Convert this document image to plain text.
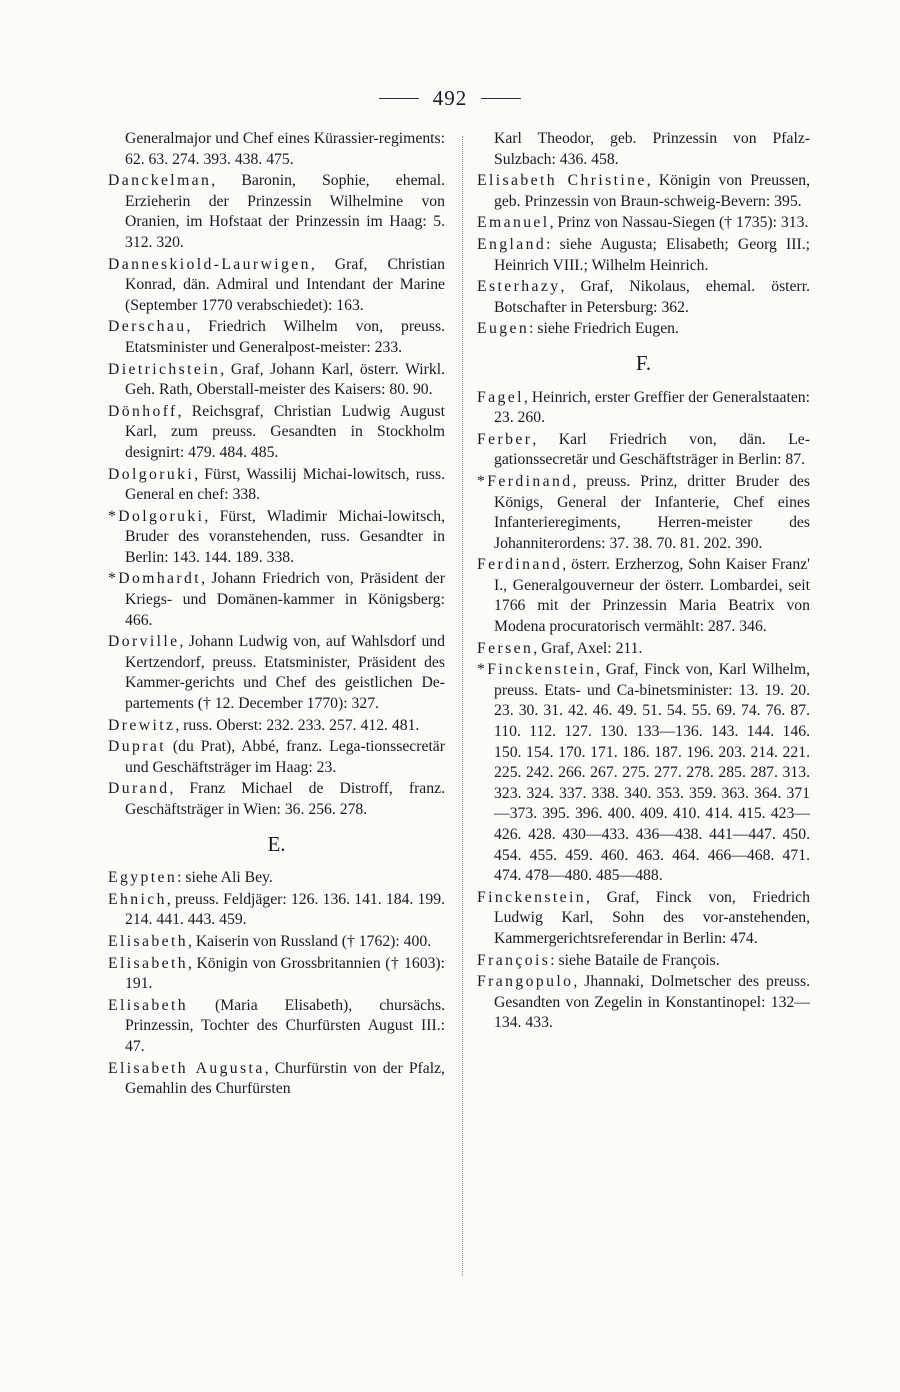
492

Generalmajor und Chef eines Kürassier-regiments: 62. 63. 274. 393. 438. 475.

Danckelman, Baronin, Sophie, ehemal. Erzieherin der Prinzessin Wilhelmine von Oranien, im Hofstaat der Prinzessin im Haag: 5. 312. 320.

Danneskiold-Laurwigen, Graf, Christian Konrad, dän. Admiral und Intendant der Marine (September 1770 verabschiedet): 163.

Derschau, Friedrich Wilhelm von, preuss. Etatsminister und Generalpost-meister: 233.

Dietrichstein, Graf, Johann Karl, österr. Wirkl. Geh. Rath, Oberstall-meister des Kaisers: 80. 90.

Dönhoff, Reichsgraf, Christian Ludwig August Karl, zum preuss. Gesandten in Stockholm designirt: 479. 484. 485.

Dolgoruki, Fürst, Wassilij Michai-lowitsch, russ. General en chef: 338.

*Dolgoruki, Fürst, Wladimir Michai-lowitsch, Bruder des voranstehenden, russ. Gesandter in Berlin: 143. 144. 189. 338.

*Domhardt, Johann Friedrich von, Präsident der Kriegs- und Domänen-kammer in Königsberg: 466.

Dorville, Johann Ludwig von, auf Wahlsdorf und Kertzendorf, preuss. Etatsminister, Präsident des Kammer-gerichts und Chef des geistlichen De-partements († 12. December 1770): 327.

Drewitz, russ. Oberst: 232. 233. 257. 412. 481.

Duprat (du Prat), Abbé, franz. Lega-tionssecretär und Geschäftsträger im Haag: 23.

Durand, Franz Michael de Distroff, franz. Geschäftsträger in Wien: 36. 256. 278.

E.

Egypten: siehe Ali Bey.

Ehnich, preuss. Feldjäger: 126. 136. 141. 184. 199. 214. 441. 443. 459.

Elisabeth, Kaiserin von Russland († 1762): 400.

Elisabeth, Königin von Grossbritannien († 1603): 191.

Elisabeth (Maria Elisabeth), chursächs. Prinzessin, Tochter des Churfürsten August III.: 47.

Elisabeth Augusta, Churfürstin von der Pfalz, Gemahlin des Churfürsten

Karl Theodor, geb. Prinzessin von Pfalz-Sulzbach: 436. 458.

Elisabeth Christine, Königin von Preussen, geb. Prinzessin von Braun-schweig-Bevern: 395.

Emanuel, Prinz von Nassau-Siegen († 1735): 313.

England: siehe Augusta; Elisabeth; Georg III.; Heinrich VIII.; Wilhelm Heinrich.

Esterhazy, Graf, Nikolaus, ehemal. österr. Botschafter in Petersburg: 362.

Eugen: siehe Friedrich Eugen.

F.

Fagel, Heinrich, erster Greffier der Generalstaaten: 23. 260.

Ferber, Karl Friedrich von, dän. Le-gationssecretär und Geschäftsträger in Berlin: 87.

*Ferdinand, preuss. Prinz, dritter Bruder des Königs, General der Infanterie, Chef eines Infanterieregiments, Herren-meister des Johanniterordens: 37. 38. 70. 81. 202. 390.

Ferdinand, österr. Erzherzog, Sohn Kaiser Franz' I., Generalgouverneur der österr. Lombardei, seit 1766 mit der Prinzessin Maria Beatrix von Modena procuratorisch vermählt: 287. 346.

Fersen, Graf, Axel: 211.

*Finckenstein, Graf, Finck von, Karl Wilhelm, preuss. Etats- und Ca-binetsminister: 13. 19. 20. 23. 30. 31. 42. 46. 49. 51. 54. 55. 69. 74. 76. 87. 110. 112. 127. 130. 133—136. 143. 144. 146. 150. 154. 170. 171. 186. 187. 196. 203. 214. 221. 225. 242. 266. 267. 275. 277. 278. 285. 287. 313. 323. 324. 337. 338. 340. 353. 359. 363. 364. 371—373. 395. 396. 400. 409. 410. 414. 415. 423—426. 428. 430—433. 436—438. 441—447. 450. 454. 455. 459. 460. 463. 464. 466—468. 471. 474. 478—480. 485—488.

Finckenstein, Graf, Finck von, Friedrich Ludwig Karl, Sohn des vor-anstehenden, Kammergerichtsreferendar in Berlin: 474.

François: siehe Bataile de François.

Frangopulo, Jhannaki, Dolmetscher des preuss. Gesandten von Zegelin in Konstantinopel: 132—134. 433.
